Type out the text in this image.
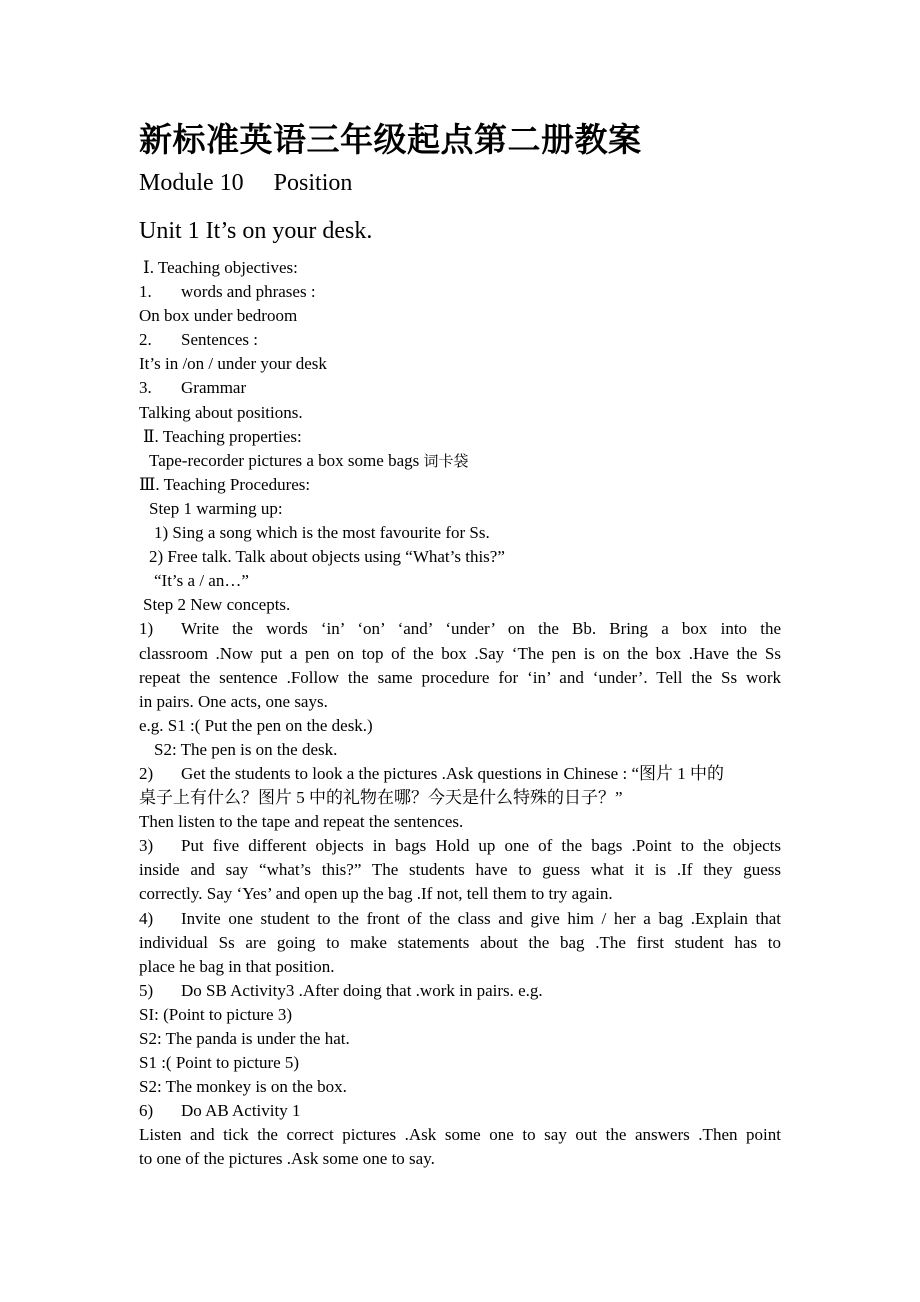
新标准英语三年级起点第二册教案
Module 10 Position
Unit 1 It’s on your desk.
Ⅰ. Teaching objectives:
1. words and phrases :
On box under bedroom
2. Sentences :
It’s in /on / under your desk
3. Grammar
Talking about positions.
Ⅱ. Teaching properties:
Tape-recorder pictures a box some bags 词卡袋
Ⅲ. Teaching Procedures:
Step 1 warming up:
1) Sing a song which is the most favourite for Ss.
2) Free talk. Talk about objects using “What’s this?”
“It’s a / an…”
Step 2 New concepts.
1) Write the words ‘in’ ‘on’ ‘and’ ‘under’ on the Bb. Bring a box into the
classroom .Now put a pen on top of the box .Say ‘The pen is on the box .Have the Ss
repeat the sentence .Follow the same procedure for ‘in’ and ‘under’. Tell the Ss work
in pairs. One acts, one says.
e.g. S1 :( Put the pen on the desk.)
S2: The pen is on the desk.
2) Get the students to look a the pictures .Ask questions in Chinese : “图片 1 中的
桌子上有什么？图片 5 中的礼物在哪？今天是什么特殊的日子？”
Then listen to the tape and repeat the sentences.
3) Put five different objects in bags Hold up one of the bags .Point to the objects
inside and say “what’s this?” The students have to guess what it is .If they guess
correctly. Say ‘Yes’ and open up the bag .If not, tell them to try again.
4) Invite one student to the front of the class and give him / her a bag .Explain that
individual Ss are going to make statements about the bag .The first student has to
place he bag in that position.
5) Do SB Activity3 .After doing that .work in pairs. e.g.
SI: (Point to picture 3)
S2: The panda is under the hat.
S1 :( Point to picture 5)
S2: The monkey is on the box.
6) Do AB Activity 1
Listen and tick the correct pictures .Ask some one to say out the answers .Then point
to one of the pictures .Ask some one to say.
